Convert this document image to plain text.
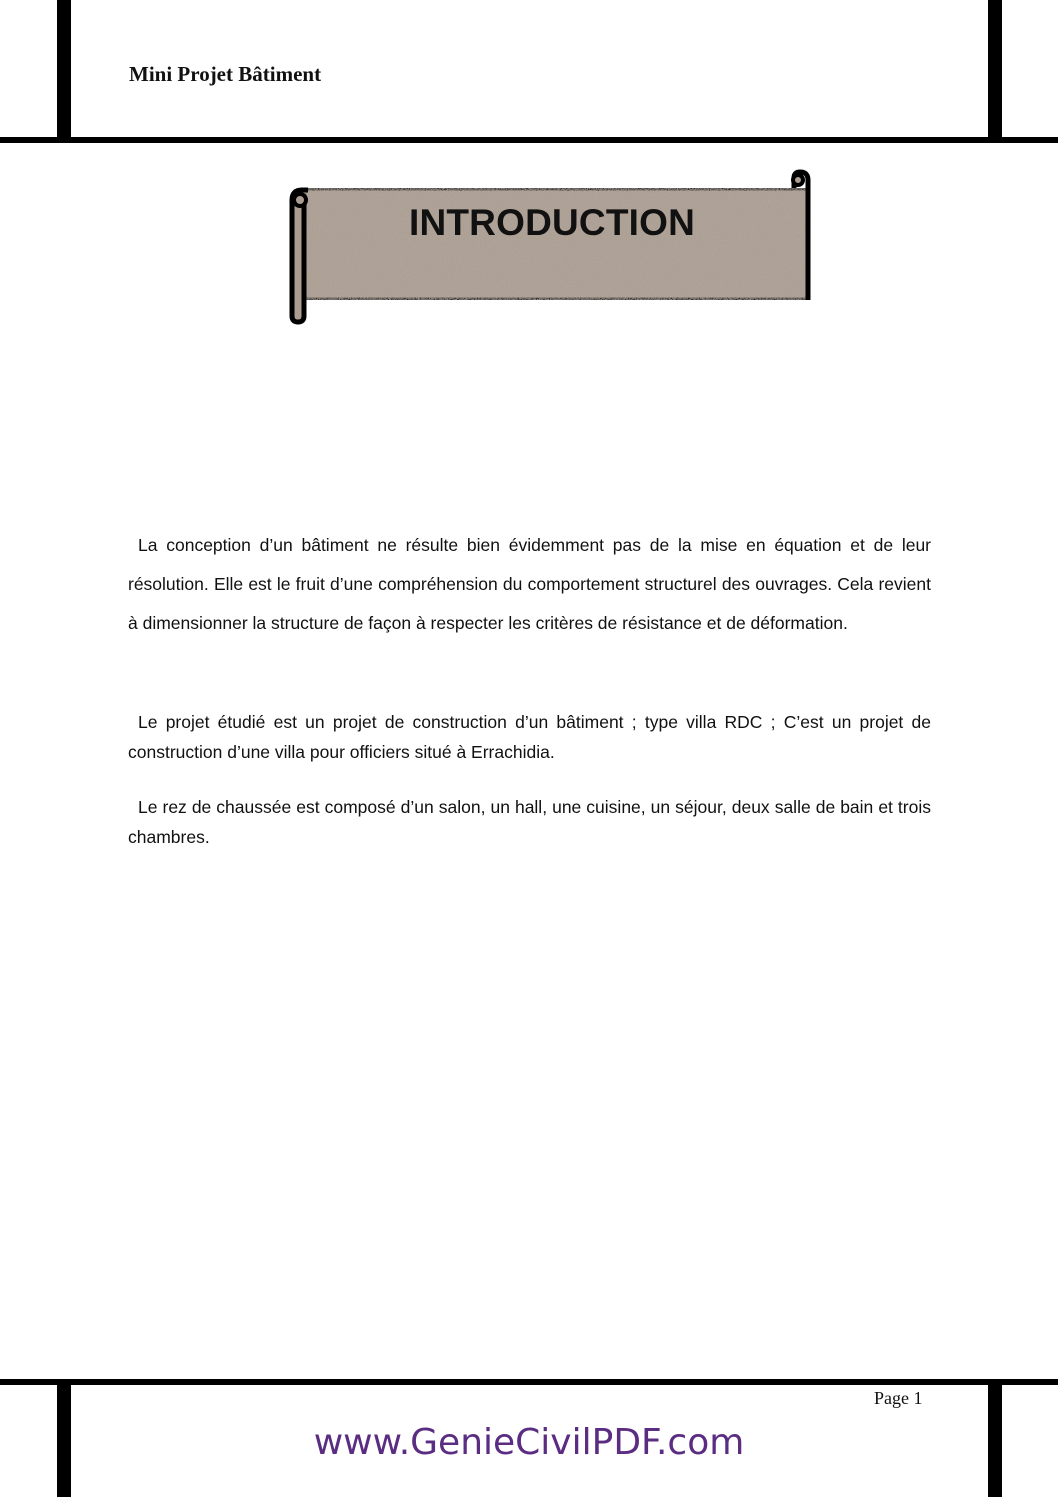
Mini Projet Bâtiment
INTRODUCTION
La conception d’un bâtiment ne résulte bien évidemment pas de la mise en équation et de leur résolution. Elle est le fruit d’une compréhension du comportement structurel des ouvrages. Cela revient à dimensionner la structure de façon à respecter les critères de résistance et de déformation.
Le projet étudié est un projet de construction d’un bâtiment ; type villa RDC ; C’est un projet de construction d’une villa pour officiers situé à Errachidia.
Le rez de chaussée est composé d’un salon, un hall, une cuisine, un séjour, deux salle de bain et trois chambres.
Page 1
www.GenieCivilPDF.com
